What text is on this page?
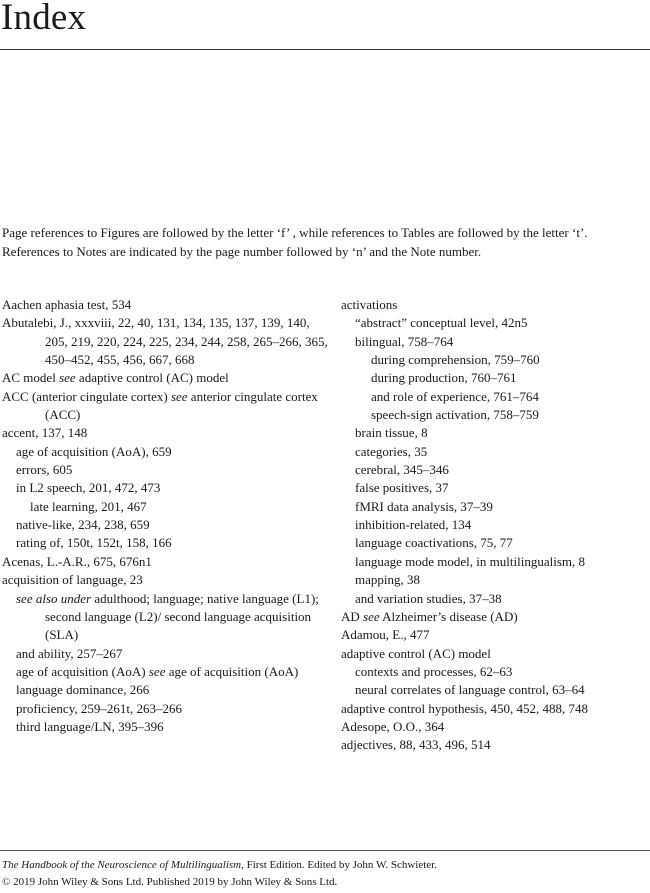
Index

Page references to Figures are followed by the letter ‘f’ , while references to Tables are followed by the letter ‘t’. References to Notes are indicated by the page number followed by ‘n’ and the Note number.

Aachen aphasia test, 534
Abutalebi, J., xxxviii, 22, 40, 131, 134, 135, 137, 139, 140, 205, 219, 220, 224, 225, 234, 244, 258, 265–266, 365, 450–452, 455, 456, 667, 668
AC model see adaptive control (AC) model
ACC (anterior cingulate cortex) see anterior cingulate cortex (ACC)
accent, 137, 148
age of acquisition (AoA), 659
errors, 605
in L2 speech, 201, 472, 473
late learning, 201, 467
native-like, 234, 238, 659
rating of, 150t, 152t, 158, 166
Acenas, L.-A.R., 675, 676n1
acquisition of language, 23
see also under adulthood; language; native language (L1); second language (L2)/ second language acquisition (SLA)
and ability, 257–267
age of acquisition (AoA) see age of acquisition (AoA)
language dominance, 266
proficiency, 259–261t, 263–266
third language/LN, 395–396
activations
“abstract” conceptual level, 42n5
bilingual, 758–764
during comprehension, 759–760
during production, 760–761
and role of experience, 761–764
speech-sign activation, 758–759
brain tissue, 8
categories, 35
cerebral, 345–346
false positives, 37
fMRI data analysis, 37–39
inhibition-related, 134
language coactivations, 75, 77
language mode model, in multilingualism, 8
mapping, 38
and variation studies, 37–38
AD see Alzheimer’s disease (AD)
Adamou, E., 477
adaptive control (AC) model
contexts and processes, 62–63
neural correlates of language control, 63–64
adaptive control hypothesis, 450, 452, 488, 748
Adesope, O.O., 364
adjectives, 88, 433, 496, 514

The Handbook of the Neuroscience of Multilingualism, First Edition. Edited by John W. Schwieter.

© 2019 John Wiley & Sons Ltd. Published 2019 by John Wiley & Sons Ltd.
